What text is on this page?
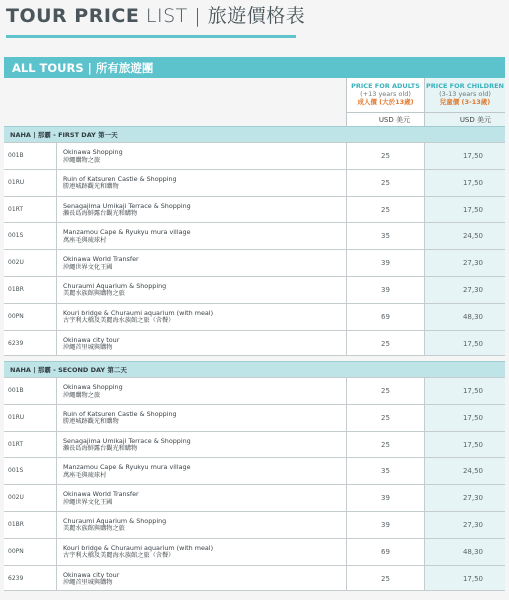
TOUR PRICE LIST | 旅遊價格表
ALL TOURS | 所有旅遊團
PRICE FOR ADULTS
(+13 years old)
成人價 (大於13歲)
PRICE FOR CHILDREN
(3-13 years old)
兒童價 (3-13歲)
USD 美元	USD 美元
NAHA | 那霸 - FIRST DAY 第一天
001B	Okinawa Shopping
沖繩購物之旅	25	17,50
01RU	Ruin of Katsuren Castle & Shopping
勝連城跡觀光和購物	25	17,50
01RT	Senagajima Umikaji Terrace & Shopping
瀨長島海鮮露台觀光和購物	25	17,50
001S	Manzamou Cape & Ryukyu mura village
萬座毛與琉球村	35	24,50
002U	Okinawa World Transfer
沖繩世界文化王國	39	27,30
01BR	Churaumi Aquarium & Shopping
美麗水族館與購物之旅	39	27,30
00PN	Kouri bridge & Churaumi aquarium (with meal)
古宇利大橋及美麗海水族館之旅（含餐）	69	48,30
6239	Okinawa city tour
沖繩首里城與購物	25	17,50
NAHA | 那霸 - SECOND DAY 第二天
001B	Okinawa Shopping
沖繩購物之旅	25	17,50
01RU	Ruin of Katsuren Castle & Shopping
勝連城跡觀光和購物	25	17,50
01RT	Senagajima Umikaji Terrace & Shopping
瀨長島海鮮露台觀光和購物	25	17,50
001S	Manzamou Cape & Ryukyu mura village
萬座毛與琉球村	35	24,50
002U	Okinawa World Transfer
沖繩世界文化王國	39	27,30
01BR	Churaumi Aquarium & Shopping
美麗水族館與購物之旅	39	27,30
00PN	Kouri bridge & Churaumi aquarium (with meal)
古宇利大橋及美麗海水族館之旅（含餐）	69	48,30
6239	Okinawa city tour
沖繩首里城與購物	25	17,50
